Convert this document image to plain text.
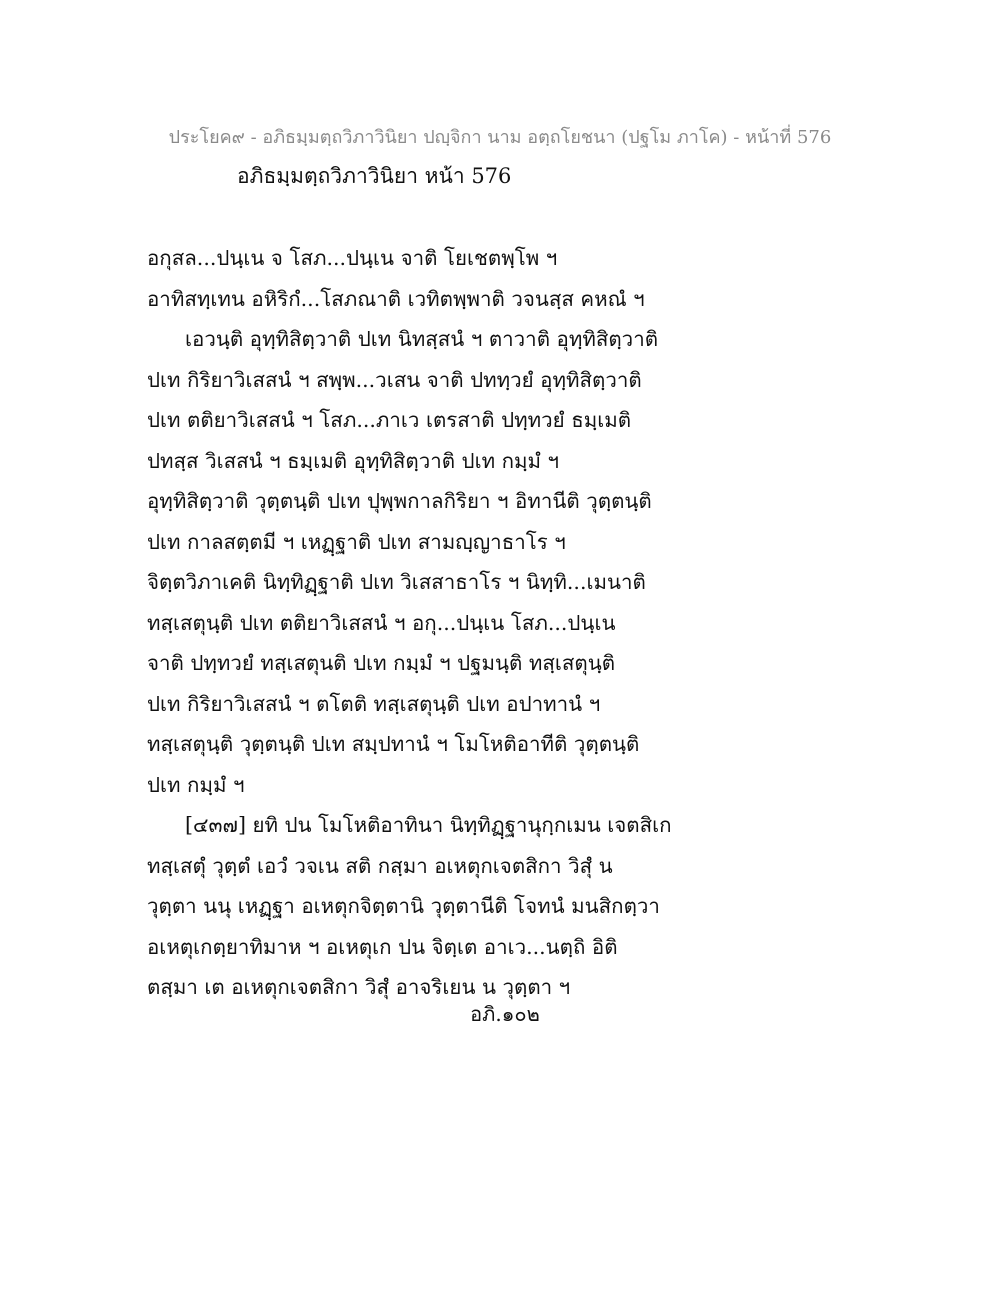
ประโยค๙ - อภิธมฺมตฺถวิภาวินิยา ปญฺจิกา นาม อตฺถโยชนา (ปฐโม ภาโค) - หน้าที่ 576
อภิธมฺมตฺถวิภาวินิยา หน้า 576
อกุสล...ปนฺเน จ โสภ...ปนฺเน จาติ โยเชตพฺโพ ฯ
อาทิสทฺเทน อหิริกํ...โสภณาติ เวทิตพฺพาติ วจนสฺส คหณํ ฯ
เอวนฺติ อุทฺทิสิตฺวาติ ปเท นิทสฺสนํ ฯ ตาวาติ อุทฺทิสิตฺวาติ
ปเท กิริยาวิเสสนํ ฯ สพฺพ...วเสน จาติ ปททฺวยํ อุทฺทิสิตฺวาติ
ปเท ตติยาวิเสสนํ ฯ โสภ...ภาเว เตรสาติ ปทฺทวยํ ธมฺเมติ
ปทสฺส วิเสสนํ ฯ ธมฺเมติ อุทฺทิสิตฺวาติ ปเท กมฺมํ ฯ
อุทฺทิสิตฺวาติ วุตฺตนฺติ ปเท ปุพฺพกาลกิริยา ฯ อิทานีติ วุตฺตนฺติ
ปเท กาลสตฺตมี ฯ เหฏฺฐาติ ปเท สามญฺญาธาโร ฯ
จิตฺตวิภาเคติ นิทฺทิฏฺฐาติ ปเท วิเสสาธาโร ฯ นิทฺทิ...เมนาติ
ทสฺเสตุนฺติ ปเท ตติยาวิเสสนํ ฯ อกุ...ปนฺเน โสภ...ปนฺเน
จาติ ปทฺทวยํ ทสฺเสตุนติ ปเท กมฺมํ ฯ ปฐมนฺติ ทสฺเสตุนฺติ
ปเท กิริยาวิเสสนํ ฯ ตโตติ ทสฺเสตุนฺติ ปเท อปาทานํ ฯ
ทสฺเสตุนฺติ วุตฺตนฺติ ปเท สมฺปทานํ ฯ โมโหติอาทีติ วุตฺตนฺติ
ปเท กมฺมํ ฯ
[๔๓๗] ยทิ ปน โมโหติอาทินา นิทฺทิฏฺฐานุกฺกเมน เจตสิเก
ทสฺเสตุํ วุตฺตํ เอวํ วจเน สติ กสฺมา อเหตุกเจตสิกา วิสุํ น
วุตฺตา นนุ เหฏฺฐา อเหตุกจิตฺตานิ วุตฺตานีติ โจทนํ มนสิกตฺวา
อเหตุเกตฺยาทิมาห ฯ อเหตุเก ปน จิตฺเต อาเว...นตฺถิ อิติ
ตสฺมา เต อเหตุกเจตสิกา วิสุํ อาจริเยน น วุตฺตา ฯ
อภิ.๑๐๒
